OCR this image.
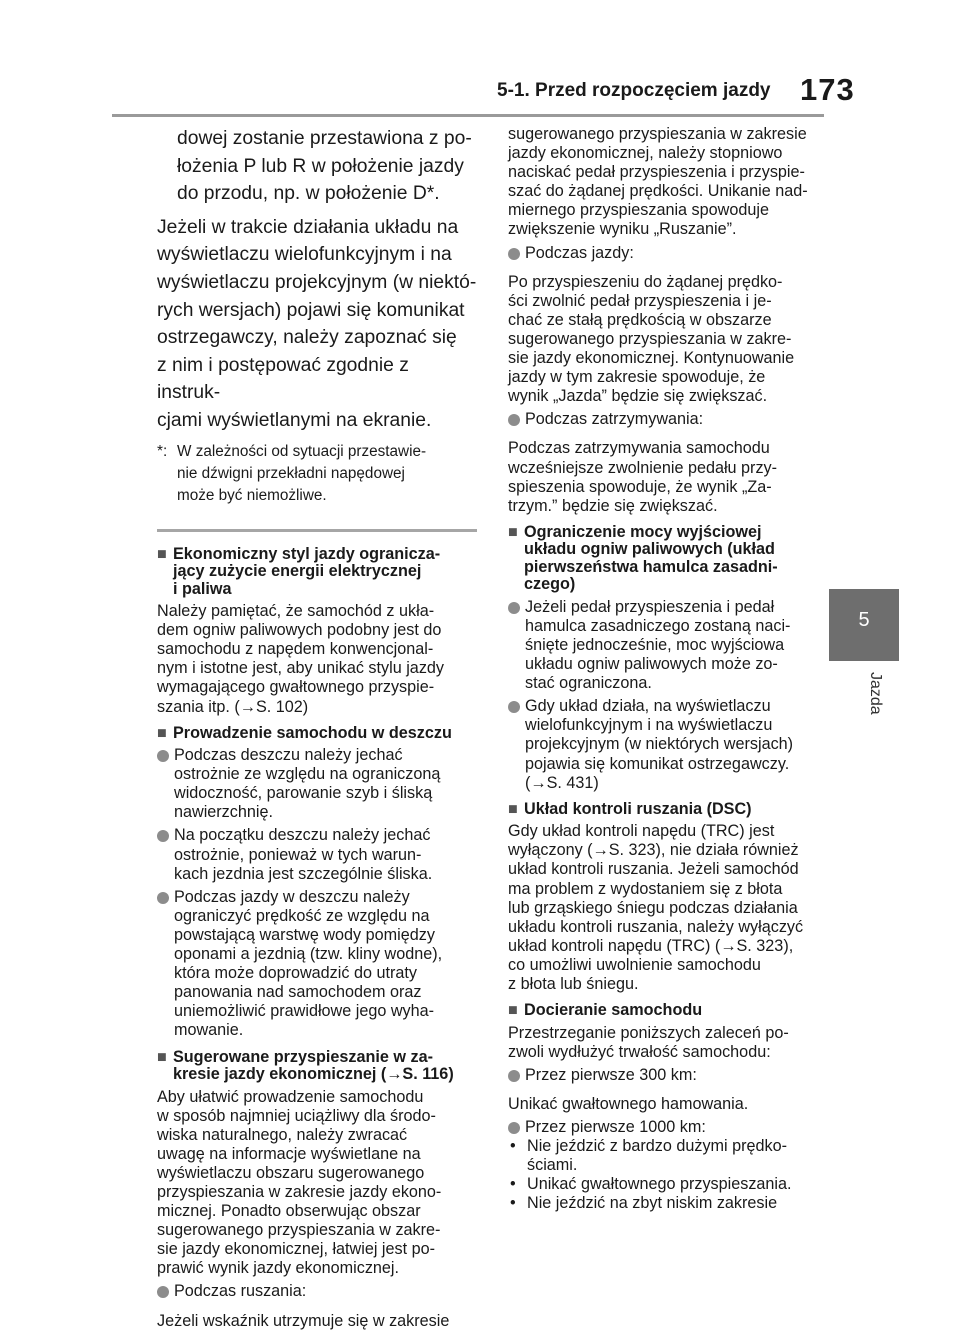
5-1. Przed rozpoczęciem jazdy 173
5
Jazda
dowej zostanie przestawiona z po-
łożenia P lub R w położenie jazdy
do przodu, np. w położenie D*.
Jeżeli w trakcie działania układu na
wyświetlaczu wielofunkcyjnym i na
wyświetlaczu projekcyjnym (w niektó-
rych wersjach) pojawi się komunikat
ostrzegawczy, należy zapoznać się
z nim i postępować zgodnie z instruk-
cjami wyświetlanymi na ekranie.
*: W zależności od sytuacji przestawie-
nie dźwigni przekładni napędowej
może być niemożliwe.
■ Ekonomiczny styl jazdy ogranicza-
jący zużycie energii elektrycznej
i paliwa
Należy pamiętać, że samochód z ukła-
dem ogniw paliwowych podobny jest do
samochodu z napędem konwencjonal-
nym i istotne jest, aby unikać stylu jazdy
wymagającego gwałtownego przyspie-
szania itp. (→S. 102)
■ Prowadzenie samochodu w deszczu
Podczas deszczu należy jechać
ostrożnie ze względu na ograniczoną
widoczność, parowanie szyb i śliską
nawierzchnię.
Na początku deszczu należy jechać
ostrożnie, ponieważ w tych warun-
kach jezdnia jest szczególnie śliska.
Podczas jazdy w deszczu należy
ograniczyć prędkość ze względu na
powstającą warstwę wody pomiędzy
oponami a jezdnią (tzw. kliny wodne),
która może doprowadzić do utraty
panowania nad samochodem oraz
uniemożliwić prawidłowe jego wyha-
mowanie.
■ Sugerowane przyspieszanie w za-
kresie jazdy ekonomicznej (→S. 116)
Aby ułatwić prowadzenie samochodu
w sposób najmniej uciążliwy dla środo-
wiska naturalnego, należy zwracać
uwagę na informacje wyświetlane na
wyświetlaczu obszaru sugerowanego
przyspieszania w zakresie jazdy ekono-
micznej. Ponadto obserwując obszar
sugerowanego przyspieszania w zakre-
sie jazdy ekonomicznej, łatwiej jest po-
prawić wynik jazdy ekonomicznej.
Podczas ruszania:
Jeżeli wskaźnik utrzymuje się w zakresie
sugerowanego przyspieszania w zakresie
jazdy ekonomicznej, należy stopniowo
naciskać pedał przyspieszenia i przyspie-
szać do żądanej prędkości. Unikanie nad-
miernego przyspieszania spowoduje
zwiększenie wyniku „Ruszanie”.
Podczas jazdy:
Po przyspieszeniu do żądanej prędko-
ści zwolnić pedał przyspieszenia i je-
chać ze stałą prędkością w obszarze
sugerowanego przyspieszania w zakre-
sie jazdy ekonomicznej. Kontynuowanie
jazdy w tym zakresie spowoduje, że
wynik „Jazda” będzie się zwiększać.
Podczas zatrzymywania:
Podczas zatrzymywania samochodu
wcześniejsze zwolnienie pedału przy-
spieszenia spowoduje, że wynik „Za-
trzym.” będzie się zwiększać.
■ Ograniczenie mocy wyjściowej
układu ogniw paliwowych (układ
pierwszeństwa hamulca zasadni-
czego)
Jeżeli pedał przyspieszenia i pedał
hamulca zasadniczego zostaną naci-
śnięte jednocześnie, moc wyjściowa
układu ogniw paliwowych może zo-
stać ograniczona.
Gdy układ działa, na wyświetlaczu
wielofunkcyjnym i na wyświetlaczu
projekcyjnym (w niektórych wersjach)
pojawia się komunikat ostrzegawczy.
(→S. 431)
■ Układ kontroli ruszania (DSC)
Gdy układ kontroli napędu (TRC) jest
wyłączony (→S. 323), nie działa również
układ kontroli ruszania. Jeżeli samochód
ma problem z wydostaniem się z błota
lub grząskiego śniegu podczas działania
układu kontroli ruszania, należy wyłączyć
układ kontroli napędu (TRC) (→S. 323),
co umożliwi uwolnienie samochodu
z błota lub śniegu.
■ Docieranie samochodu
Przestrzeganie poniższych zaleceń po-
zwoli wydłużyć trwałość samochodu:
Przez pierwsze 300 km:
Unikać gwałtownego hamowania.
Przez pierwsze 1000 km:
• Nie jeździć z bardzo dużymi prędko-
ściami.
• Unikać gwałtownego przyspieszania.
• Nie jeździć na zbyt niskim zakresie
